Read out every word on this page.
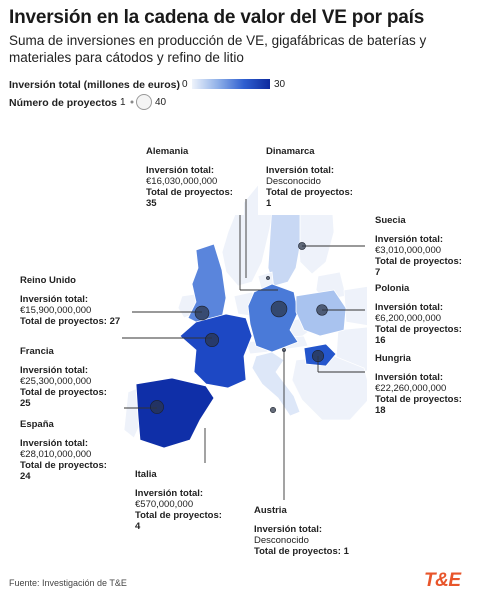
Inversión en la cadena de valor del VE por país
Suma de inversiones en producción de VE, gigafábricas de baterías y materiales para cátodos y refino de litio
Inversión total (millones de euros) 0	30
Número de proyectos 1	40
Alemania
Inversión total:
€16,030,000,000
Total de proyectos: 35
Dinamarca
Inversión total:
Desconocido
Total de proyectos: 1
Suecia
Inversión total:
€3,010,000,000
Total de proyectos: 7
Reino Unido
Inversión total:
€15,900,000,000
Total de proyectos: 27
Polonia
Inversión total:
€6,200,000,000
Total de proyectos: 16
Francia
Inversión total:
€25,300,000,000
Total de proyectos: 25
Hungria
Inversión total:
€22,260,000,000
Total de proyectos: 18
España
Inversión total:
€28,010,000,000
Total de proyectos: 24	Italia
Inversión total:
€570,000,000
Total de proyectos: 4
Austria
Inversión total:
Desconocido
Total de proyectos: 1
Fuente: Investigación de T&E	T&E
